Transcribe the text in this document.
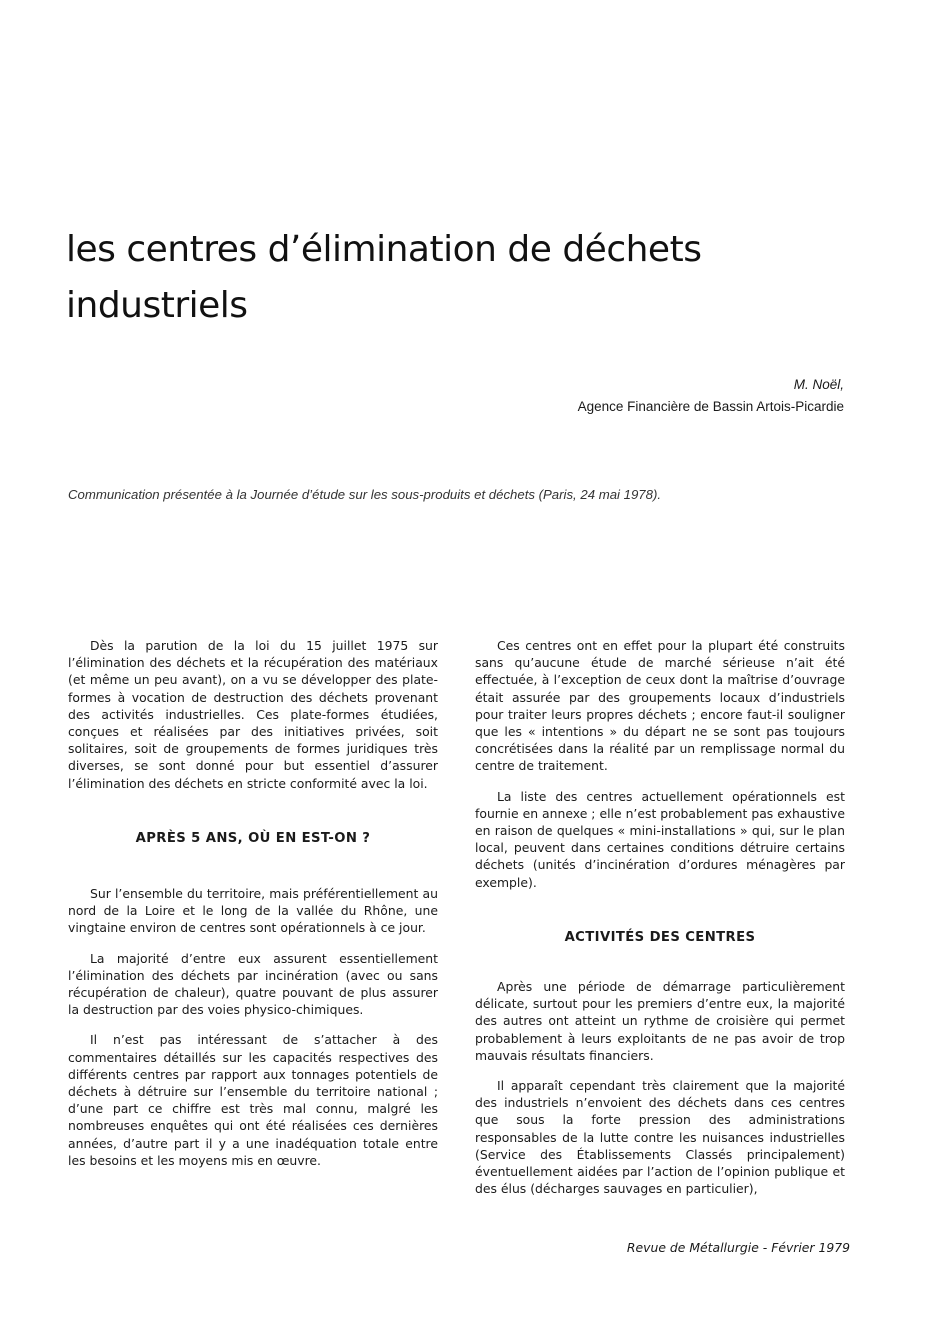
les centres d’élimination de déchets industriels
M. Noël,
Agence Financière de Bassin Artois-Picardie
Communication présentée à la Journée d’étude sur les sous-produits et déchets (Paris, 24 mai 1978).

Dès la parution de la loi du 15 juillet 1975 sur l’élimination des déchets et la récupération des matériaux (et même un peu avant), on a vu se développer des plate-formes à vocation de destruction des déchets provenant des activités industrielles. Ces plate-formes étudiées, conçues et réalisées par des initiatives privées, soit solitaires, soit de groupements de formes juridiques très diverses, se sont donné pour but essentiel d’assurer l’élimination des déchets en stricte conformité avec la loi.

APRÈS 5 ANS, OÙ EN EST-ON ?

Sur l’ensemble du territoire, mais préférentiellement au nord de la Loire et le long de la vallée du Rhône, une vingtaine environ de centres sont opérationnels à ce jour.

La majorité d’entre eux assurent essentiellement l’élimination des déchets par incinération (avec ou sans récupération de chaleur), quatre pouvant de plus assurer la destruction par des voies physico-chimiques.

Il n’est pas intéressant de s’attacher à des commentaires détaillés sur les capacités respectives des différents centres par rapport aux tonnages potentiels de déchets à détruire sur l’ensemble du territoire national ; d’une part ce chiffre est très mal connu, malgré les nombreuses enquêtes qui ont été réalisées ces dernières années, d’autre part il y a une inadéquation totale entre les besoins et les moyens mis en œuvre.

Ces centres ont en effet pour la plupart été construits sans qu’aucune étude de marché sérieuse n’ait été effectuée, à l’exception de ceux dont la maîtrise d’ouvrage était assurée par des groupements locaux d’industriels pour traiter leurs propres déchets ; encore faut-il souligner que les « intentions » du départ ne se sont pas toujours concrétisées dans la réalité par un remplissage normal du centre de traitement.

La liste des centres actuellement opérationnels est fournie en annexe ; elle n’est probablement pas exhaustive en raison de quelques « mini-installations » qui, sur le plan local, peuvent dans certaines conditions détruire certains déchets (unités d’incinération d’ordures ménagères par exemple).

ACTIVITÉS DES CENTRES

Après une période de démarrage particulièrement délicate, surtout pour les premiers d’entre eux, la majorité des autres ont atteint un rythme de croisière qui permet probablement à leurs exploitants de ne pas avoir de trop mauvais résultats financiers.

Il apparaît cependant très clairement que la majorité des industriels n’envoient des déchets dans ces centres que sous la forte pression des administrations responsables de la lutte contre les nuisances industrielles (Service des Établissements Classés principalement) éventuellement aidées par l’action de l’opinion publique et des élus (décharges sauvages en particulier),

Revue de Métallurgie - Février 1979
